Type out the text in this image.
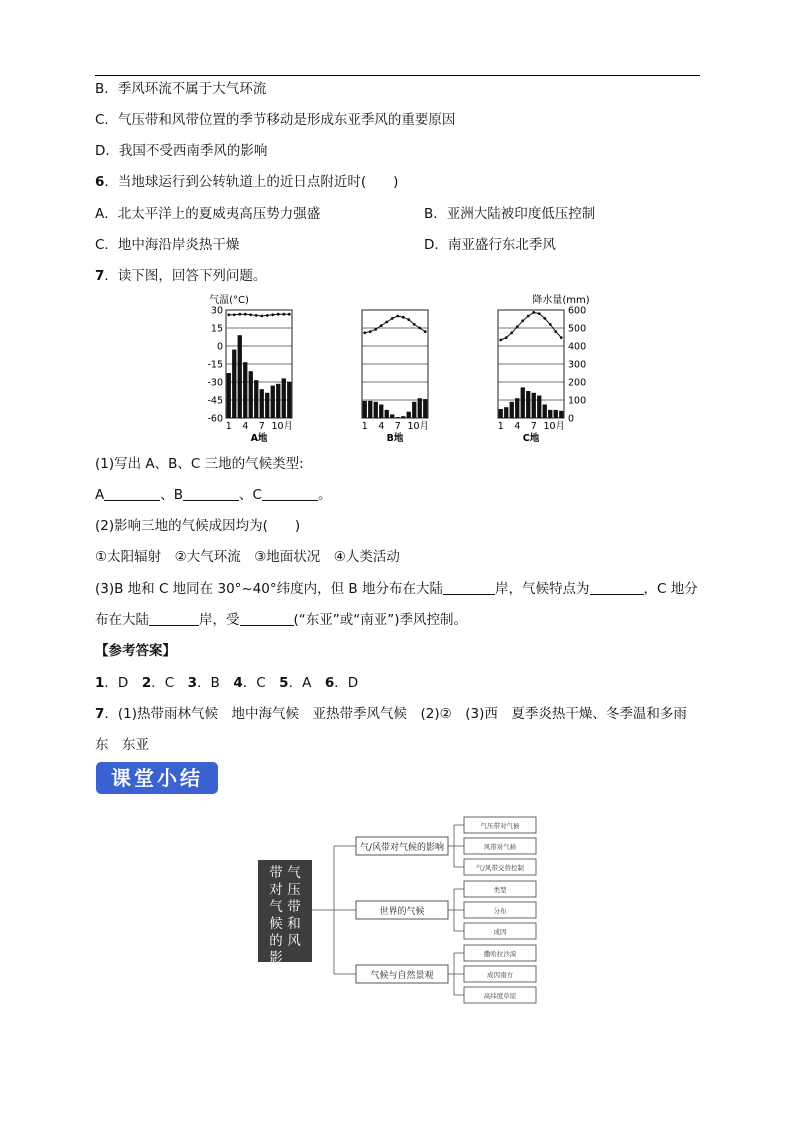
B．季风环流不属于大气环流
C．气压带和风带位置的季节移动是形成东亚季风的重要原因
D．我国不受西南季风的影响
6．当地球运行到公转轨道上的近日点附近时(　　)
A．北太平洋上的夏威夷高压势力强盛	B．亚洲大陆被印度低压控制
C．地中海沿岸炎热干燥	D．南亚盛行东北季风
7．读下图，回答下列问题。
气温(°C)
30
15
0
-15
-30
-45
-60
降水量(mm)
600
500
400
300
200
100
0
1 4 7 10月
A地
1 4 7 10月
B地
1 4 7 10月
C地
(1)写出 A、B、C 三地的气候类型:
A	、B	、C	。
(2)影响三地的气候成因均为(　　)
①太阳辐射　②大气环流　③地面状况　④人类活动
(3)B 地和 C 地同在 30°~40°纬度内，但 B 地分布在大陆	岸，气候特点为	，C 地分
布在大陆	岸，受	(“东亚”或“南亚”)季风控制。
【参考答案】
1．D　2．C　3．B　4．C　5．A　6．D
7．(1)热带雨林气候　地中海气候　亚热带季风气候　(2)②　(3)西　夏季炎热干燥、冬季温和多雨
东　东亚
课堂小结
气压带和风
带对气候的影响
气/风带对气候的影响
气压带对气候
风带对气候
气/风带交替控制
世界的气候
类型
分布
成因
气候与自然景观
撒哈拉沙漠
成因南方
高纬度草原
